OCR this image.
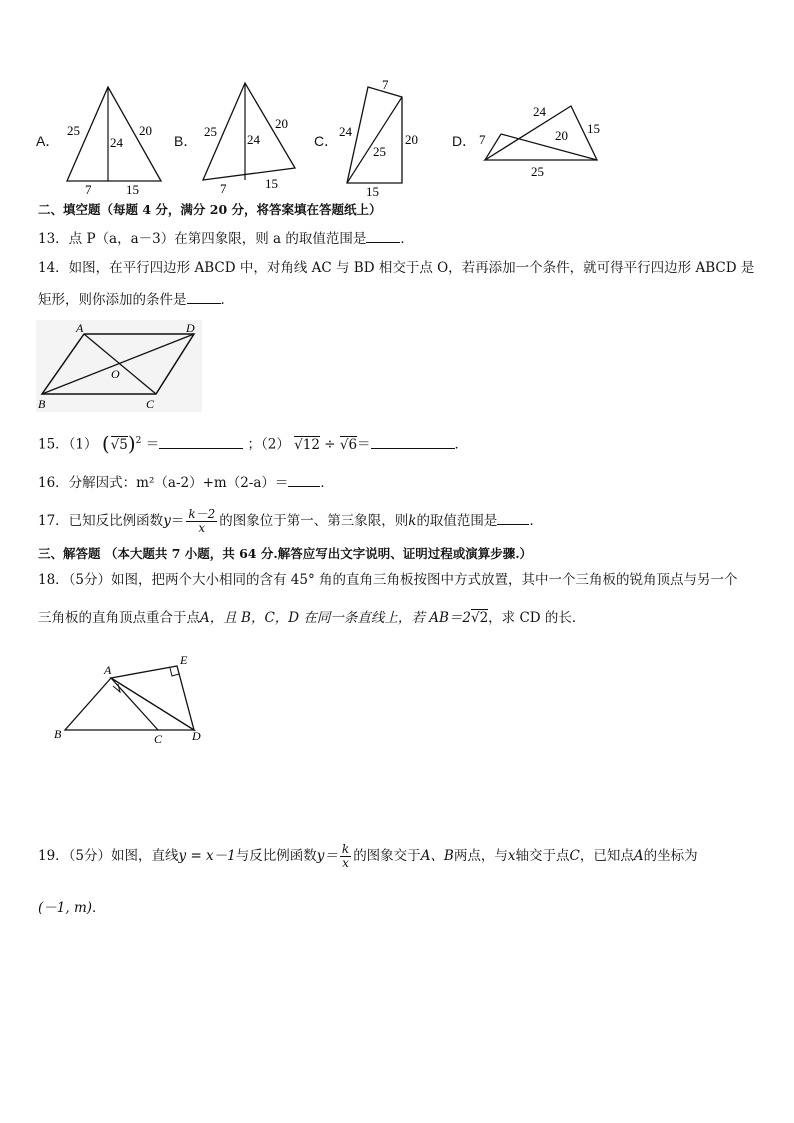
A．
25
24
20
7	15
B．
25
24
20
7	15
C．
7
24
25
20
15
D． 7
24
20 15
25
二、填空题（每题 4 分，满分 20 分，将答案填在答题纸上）
13．点 P（a，a－3）在第四象限，则 a 的取值范围是	．
14．如图，在平行四边形 ABCD 中，对角线 AC 与 BD 相交于点 O，若再添加一个条件，就可得平行四边形 ABCD 是
矩形，则你添加的条件是	．
A	D
O
B	C
15．（1） $(√5)^2$ ＝	；（2） √12 ÷ √6＝	．
16．分解因式：m²（a-2）+m（2-a）＝ ．
17．已知反比例函数$y= \frac{k-2}{x}$ 的图象位于第一、第三象限，则k的取值范围是 ．
三、解答题 （本大题共 7 小题，共 64 分.解答应写出文字说明、证明过程或演算步骤.）
18．（5分）如图，把两个大小相同的含有 45° 角的直角三角板按图中方式放置，其中一个三角板的锐角顶点与另一个
三角板的直角顶点重合于点A，且 B，C，D 在同一条直线上，若 AB＝2√2，求 CD 的长．
A
E
B	C D
19．（5分）如图，直线y = x－1与反比例函数$y= \frac{k}{x}$ 的图象交于A、B两点，与x轴交于点C，已知点A的坐标为
(－1, m)．
